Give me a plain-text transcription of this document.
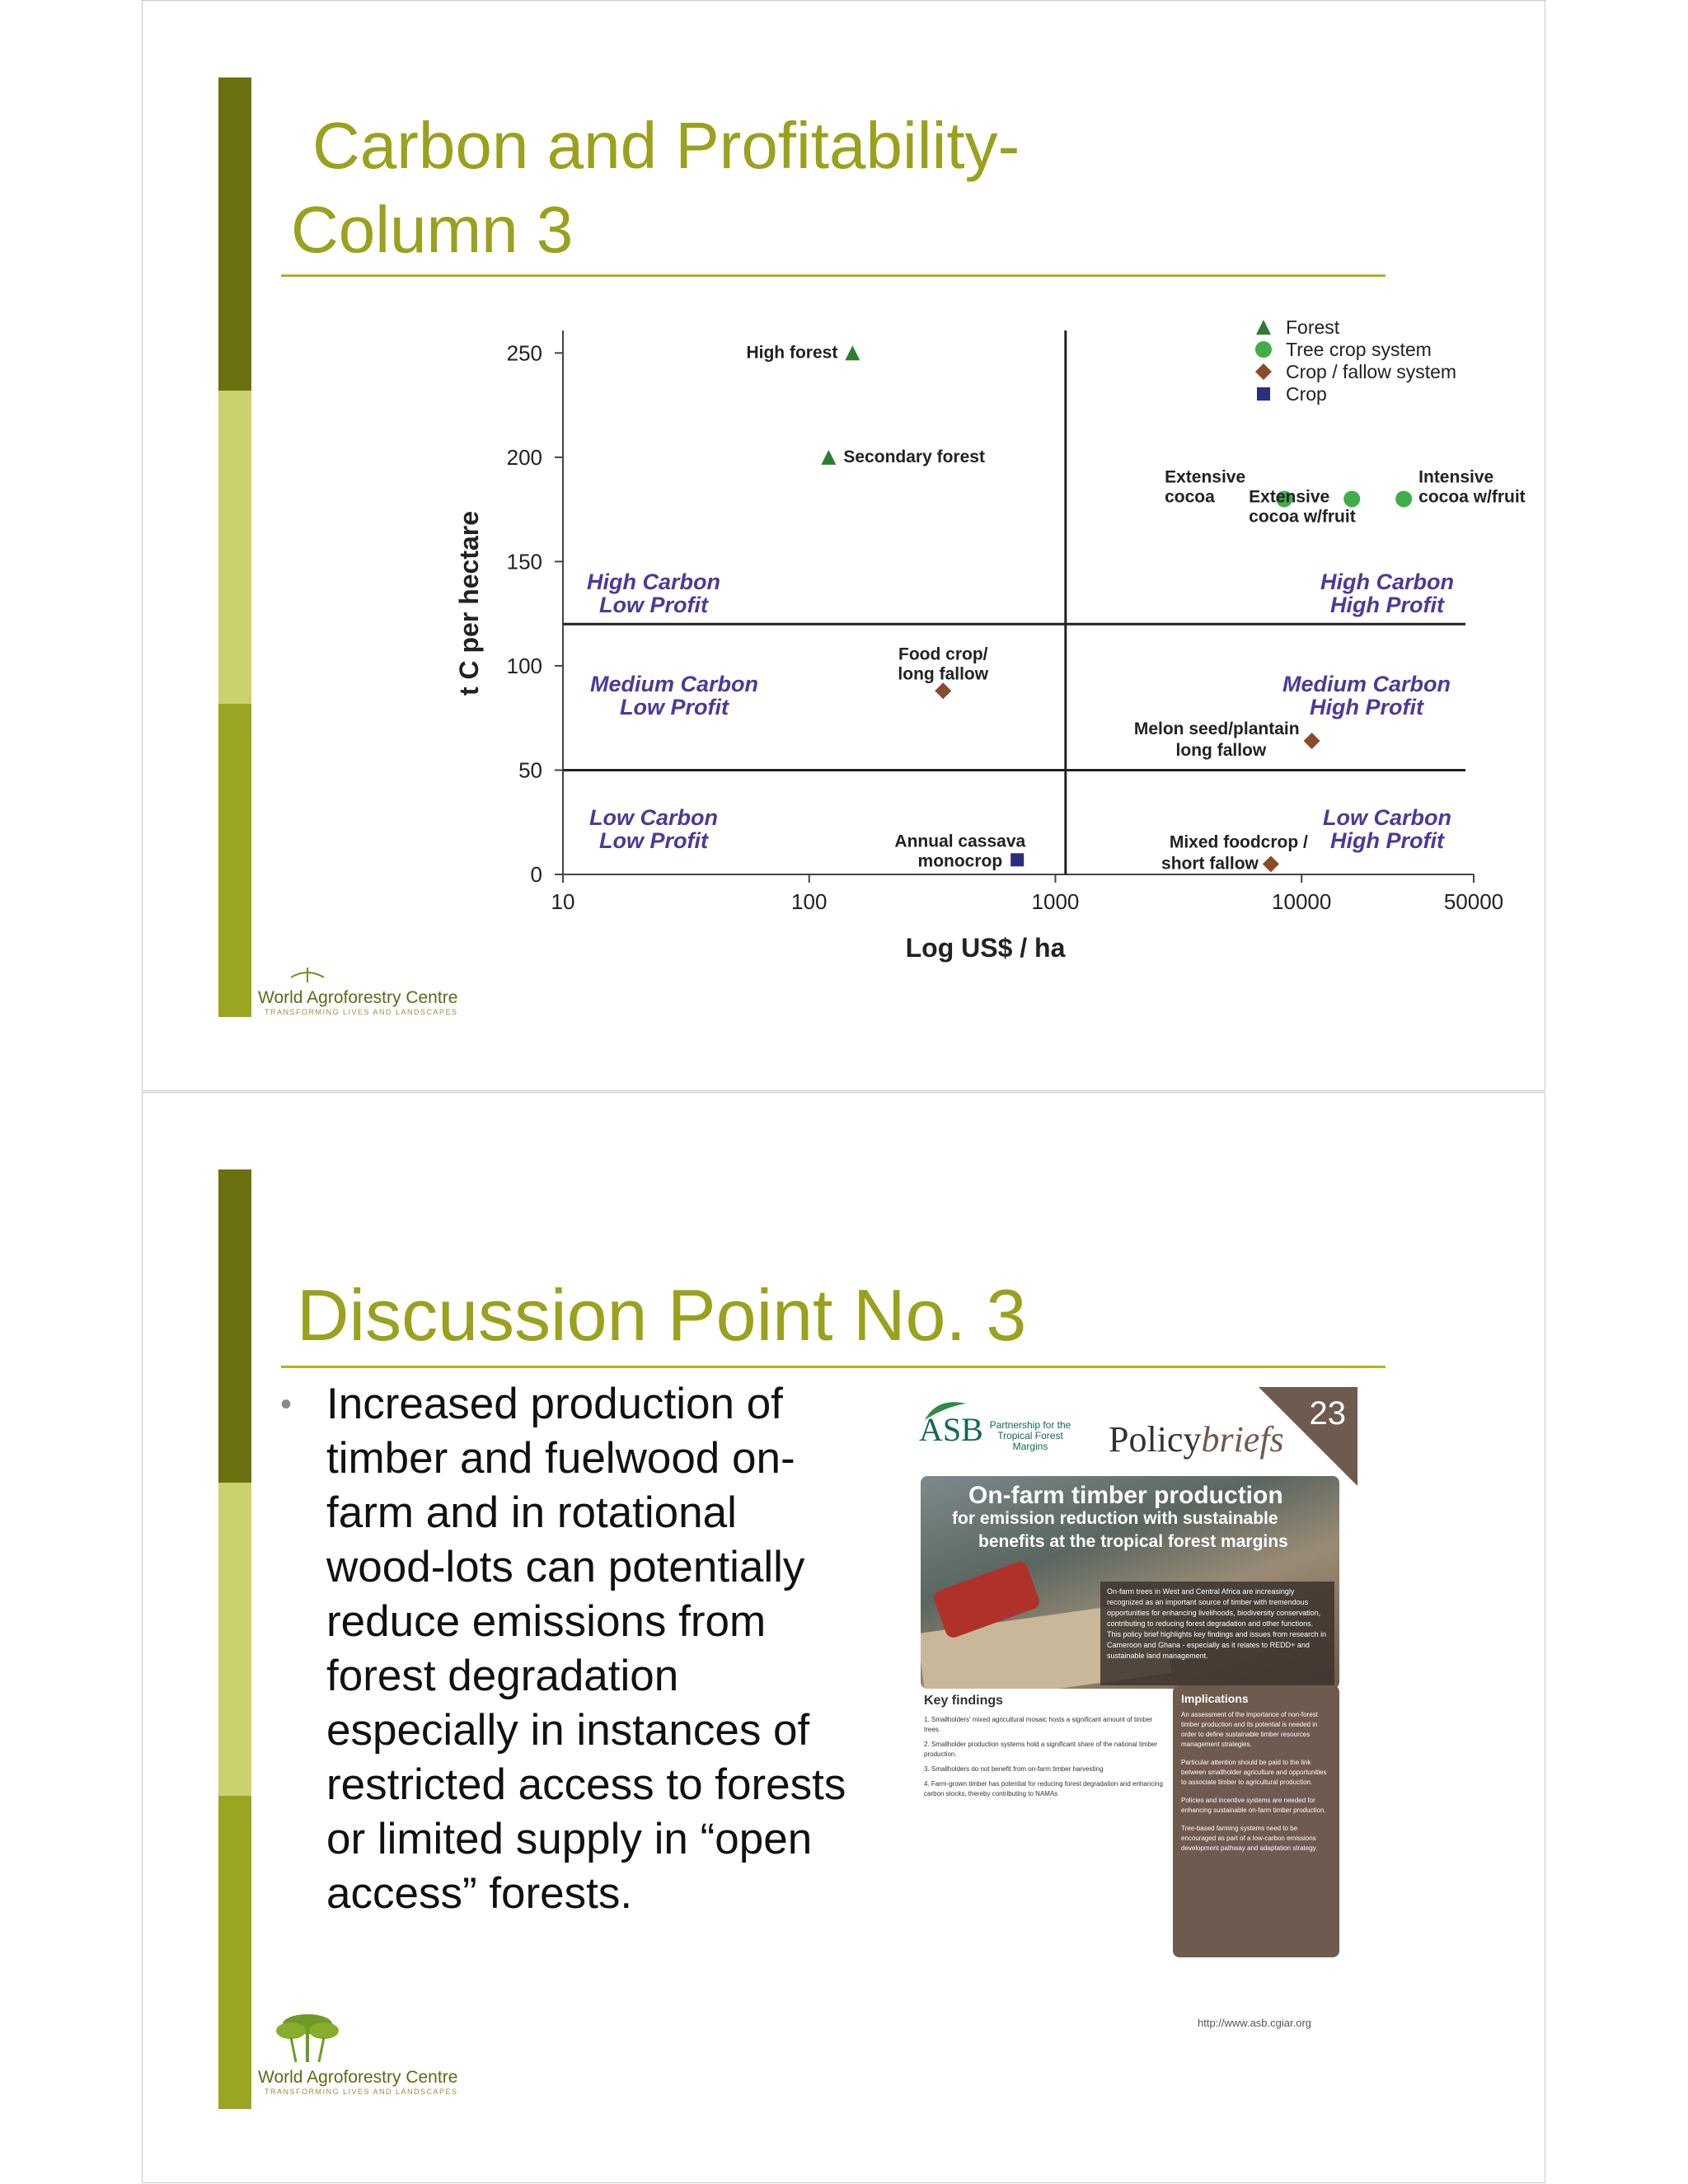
Carbon and Profitability-
Column 3
0
50
100
150
200
250
10	100	1000	10000	50000
Log US$ / ha
t C per hectare	High Carbon
Low Profit
Medium Carbon
Low Profit
Low Carbon
Low Profit
High Carbon
High Profit
Medium Carbon
High Profit
Low Carbon
High Profit
High forest
Secondary forest
Extensive
cocoa Extensive
cocoa w/fruit
Intensive
cocoa w/fruit
Food crop/
long fallow
Melon seed/plantain
long fallow
Mixed foodcrop /
short fallow
Annual cassava
monocrop
Forest
Tree crop system
Crop / fallow system
Crop
World Agroforestry Centre
TRANSFORMING LIVES AND LANDSCAPES
Discussion Point No. 3
• Increased production of timber and fuelwood on-farm and in rotational wood-lots can potentially reduce emissions from forest degradation especially in instances of restricted access to forests or limited supply in “open access” forests.
23
ASB Partnership for the Tropical Forest Margins	Policybriefs
On-farm timber production
for emission reduction with sustainable
benefits at the tropical forest margins
On-farm trees in West and Central Africa are increasingly recognized as an important source of timber with tremendous opportunities for enhancing livelihoods, biodiversity conservation, contributing to reducing forest degradation and other functions. This policy brief highlights key findings and issues from research in Cameroon and Ghana - especially as it relates to REDD+ and sustainable land management.
Key findings

1. Smallholders' mixed agricultural mosaic hosts a significant amount of timber trees.

2. Smallholder production systems hold a significant share of the national timber production.

3. Smallholders do not benefit from on-farm timber harvesting

4. Farm-grown timber has potential for reducing forest degradation and enhancing carbon stocks, thereby contributing to NAMAs

Implications

An assessment of the importance of non-forest timber production and its potential is needed in order to define sustainable timber resources management strategies.

Particular attention should be paid to the link between smallholder agriculture and opportunities to associate timber to agricultural production.

Policies and incentive systems are needed for enhancing sustainable on-farm timber production.

Tree-based farming systems need to be encouraged as part of a low-carbon emissions development pathway and adaptation strategy.

http://www.asb.cgiar.org
World Agroforestry Centre
TRANSFORMING LIVES AND LANDSCAPES
